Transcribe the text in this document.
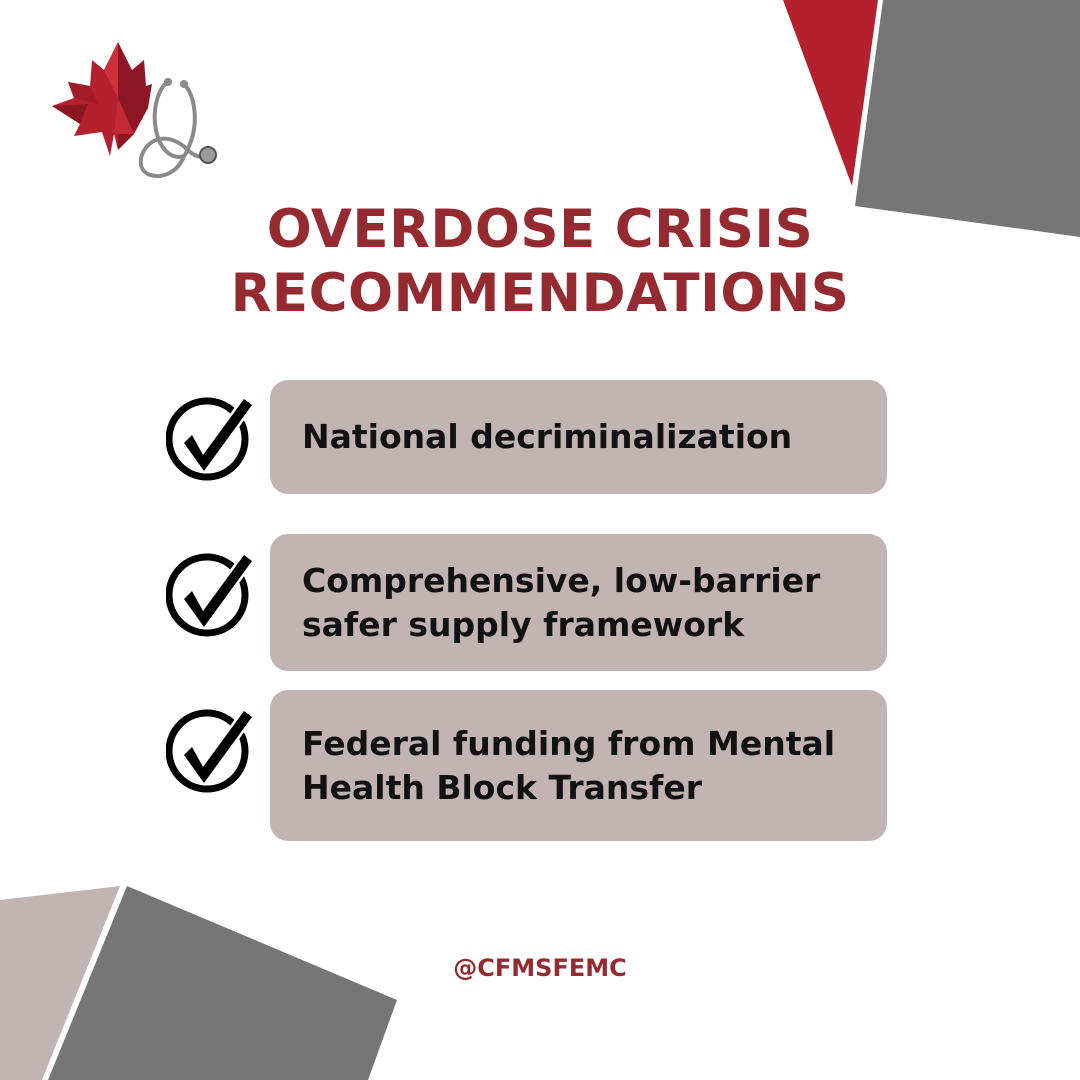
OVERDOSE CRISIS
RECOMMENDATIONS
National decriminalization
Comprehensive, low-barrier safer supply framework
Federal funding from Mental Health Block Transfer
@CFMSFEMC
